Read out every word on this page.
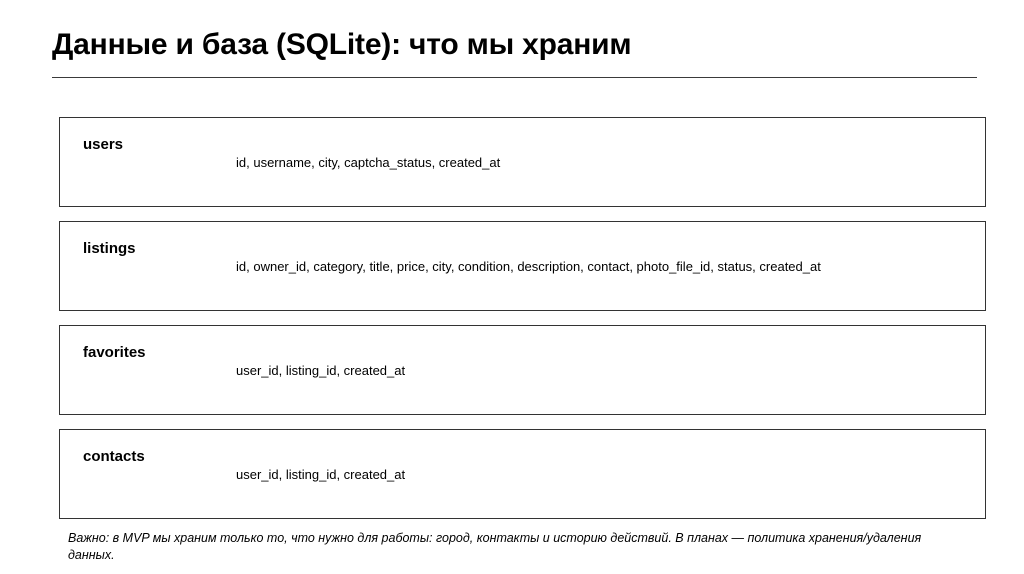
Данные и база (SQLite): что мы храним
users
id, username, city, captcha_status, created_at
listings
id, owner_id, category, title, price, city, condition, description, contact, photo_file_id, status, created_at
favorites
user_id, listing_id, created_at
contacts
user_id, listing_id, created_at

Важно: в MVP мы храним только то, что нужно для работы: город, контакты и историю действий. В планах — политика хранения/удаления данных.
